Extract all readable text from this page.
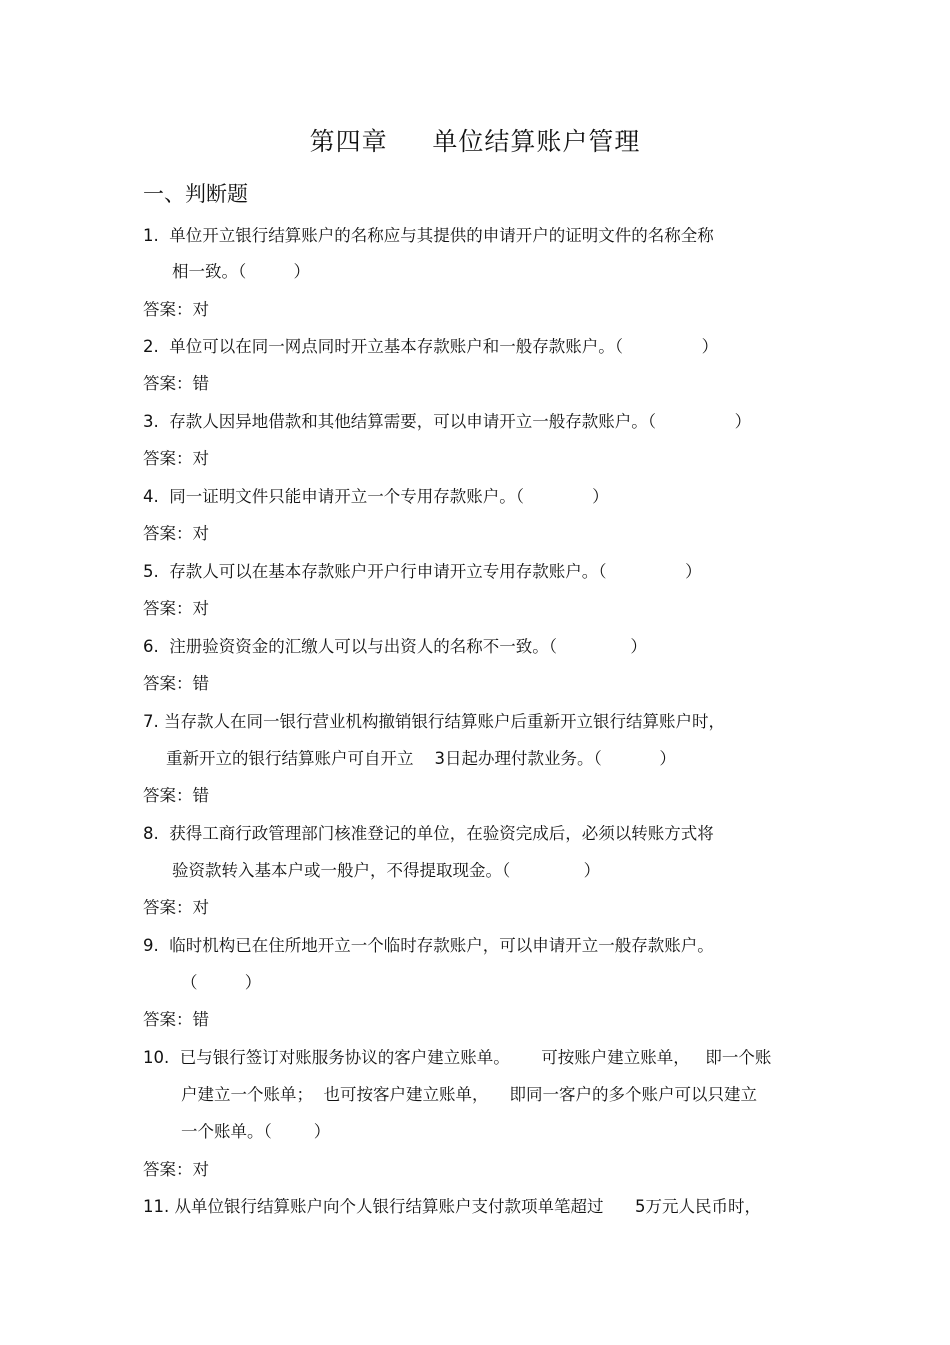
第四章     单位结算账户管理
一、判断题
1.  单位开立银行结算账户的名称应与其提供的申请开户的证明文件的名称全称
相一致。（         ）
答案：对
2.  单位可以在同一网点同时开立基本存款账户和一般存款账户。（               ）
答案：错
3.  存款人因异地借款和其他结算需要，可以申请开立一般存款账户。（               ）
答案：对
4.  同一证明文件只能申请开立一个专用存款账户。（             ）
答案：对
5.  存款人可以在基本存款账户开户行申请开立专用存款账户。（               ）
答案：对
6.  注册验资资金的汇缴人可以与出资人的名称不一致。（              ）
答案：错
7. 当存款人在同一银行营业机构撤销银行结算账户后重新开立银行结算账户时，
重新开立的银行结算账户可自开立    3日起办理付款业务。（           ）
答案：错
8.  获得工商行政管理部门核准登记的单位，在验资完成后，必须以转账方式将
验资款转入基本户或一般户，不得提取现金。（              ）
答案：对
9.  临时机构已在住所地开立一个临时存款账户，可以申请开立一般存款账户。
（         ）
答案：错
10.  已与银行签订对账服务协议的客户建立账单。      可按账户建立账单，   即一个账
户建立一个账单；  也可按客户建立账单，    即同一客户的多个账户可以只建立
一个账单。（        ）
答案：对
11. 从单位银行结算账户向个人银行结算账户支付款项单笔超过      5万元人民币时，
